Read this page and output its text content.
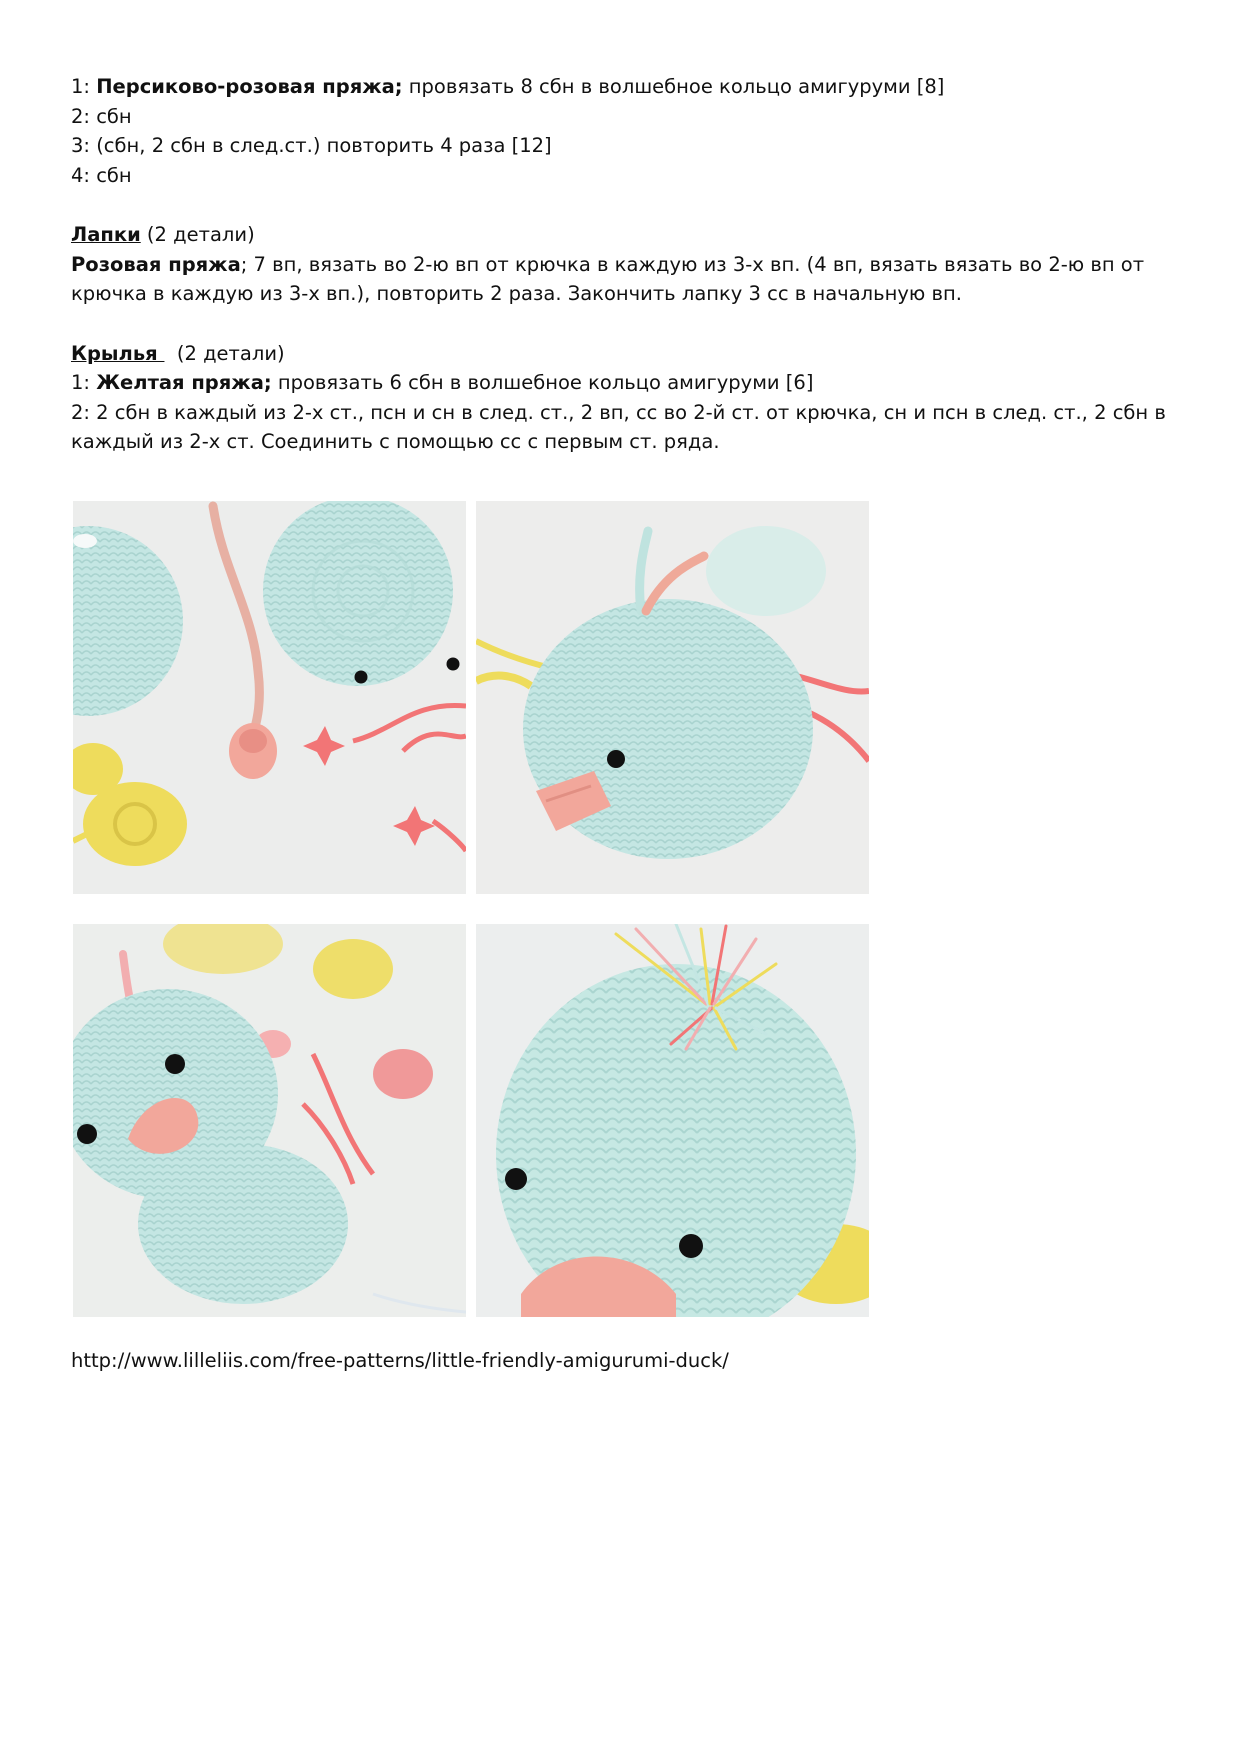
1: Персиково-розовая пряжа; провязать 8 сбн в волшебное кольцо амигуруми [8]
2: сбн
3: (сбн, 2 сбн в след.ст.) повторить 4 раза [12]
4: сбн
Лапки (2 детали)
Розовая пряжа; 7 вп, вязать во 2-ю вп от крючка в каждую из 3-х вп. (4 вп, вязать вязать во 2-ю вп от
крючка в каждую из 3-х вп.), повторить 2 раза. Закончить лапку 3 сс в начальную вп.
Крылья   (2 детали)
1: Желтая пряжа; провязать 6 сбн в волшебное кольцо амигуруми [6]
2: 2 сбн в каждый из 2-х ст., псн и сн в след. ст., 2 вп, сс во 2-й ст. от крючка, сн и псн в след. ст., 2 сбн в
каждый из 2-х ст. Соединить с помощью сс с первым ст. ряда.
http://www.lilleliis.com/free-patterns/little-friendly-amigurumi-duck/
